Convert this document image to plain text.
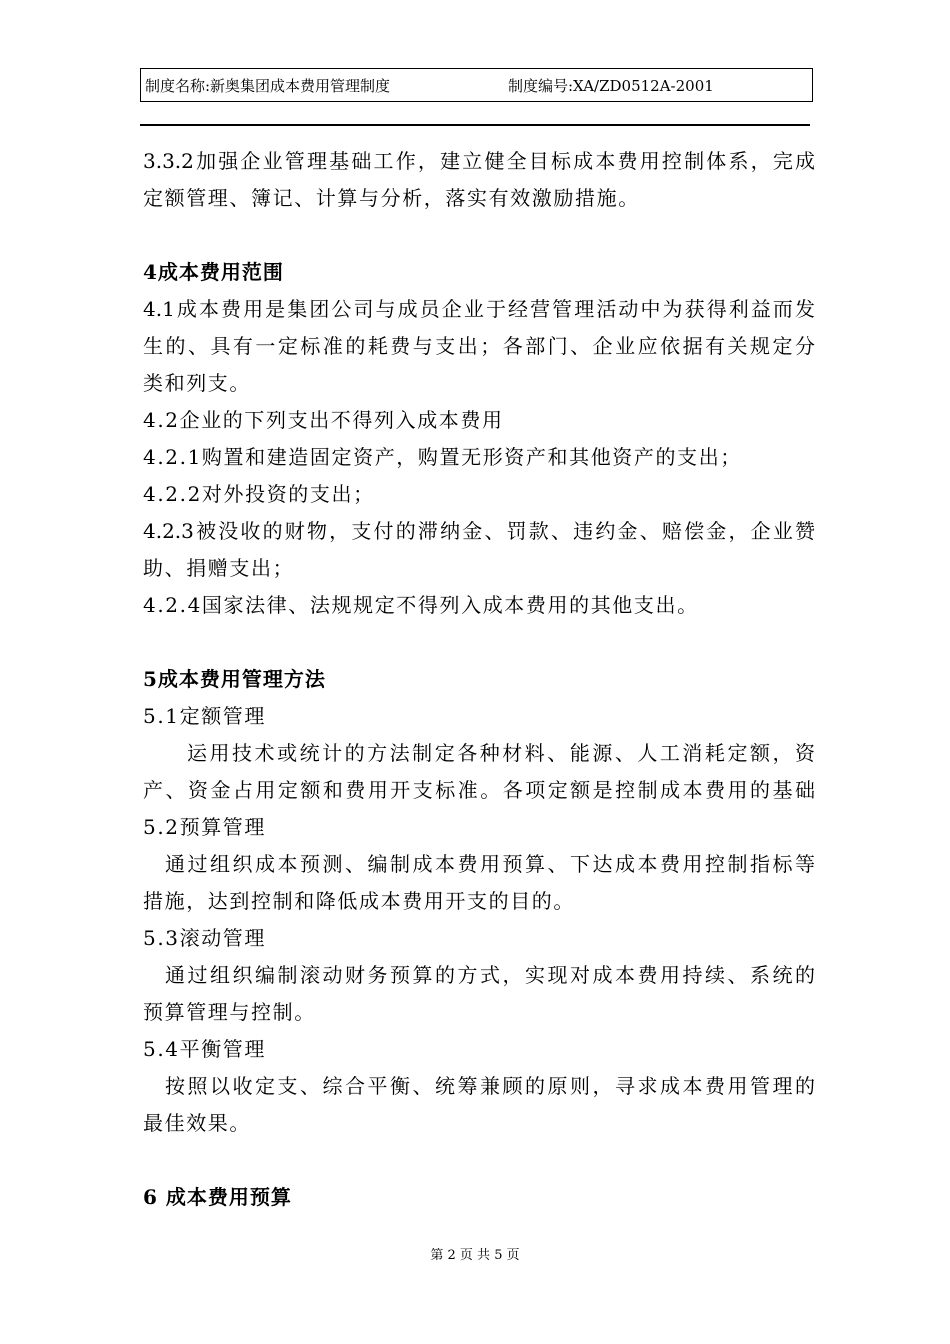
制度名称:新奥集团成本费用管理制度	制度编号:XA/ZD0512A-2001
3.3.2加强企业管理基础工作，建立健全目标成本费用控制体系，完成
定额管理、簿记、计算与分析，落实有效激励措施。
4成本费用范围
4.1成本费用是集团公司与成员企业于经营管理活动中为获得利益而发
生的、具有一定标准的耗费与支出；各部门、企业应依据有关规定分
类和列支。
4.2企业的下列支出不得列入成本费用
4.2.1购置和建造固定资产，购置无形资产和其他资产的支出；
4.2.2对外投资的支出；
4.2.3被没收的财物，支付的滞纳金、罚款、违约金、赔偿金，企业赞
助、捐赠支出；
4.2.4国家法律、法规规定不得列入成本费用的其他支出。
5成本费用管理方法
5.1定额管理
运用技术或统计的方法制定各种材料、能源、人工消耗定额，资
产、资金占用定额和费用开支标准。各项定额是控制成本费用的基础
5.2预算管理
通过组织成本预测、编制成本费用预算、下达成本费用控制指标等
措施，达到控制和降低成本费用开支的目的。
5.3滚动管理
通过组织编制滚动财务预算的方式，实现对成本费用持续、系统的
预算管理与控制。
5.4平衡管理
按照以收定支、综合平衡、统筹兼顾的原则，寻求成本费用管理的
最佳效果。
6 成本费用预算
第 2 页 共 5 页
